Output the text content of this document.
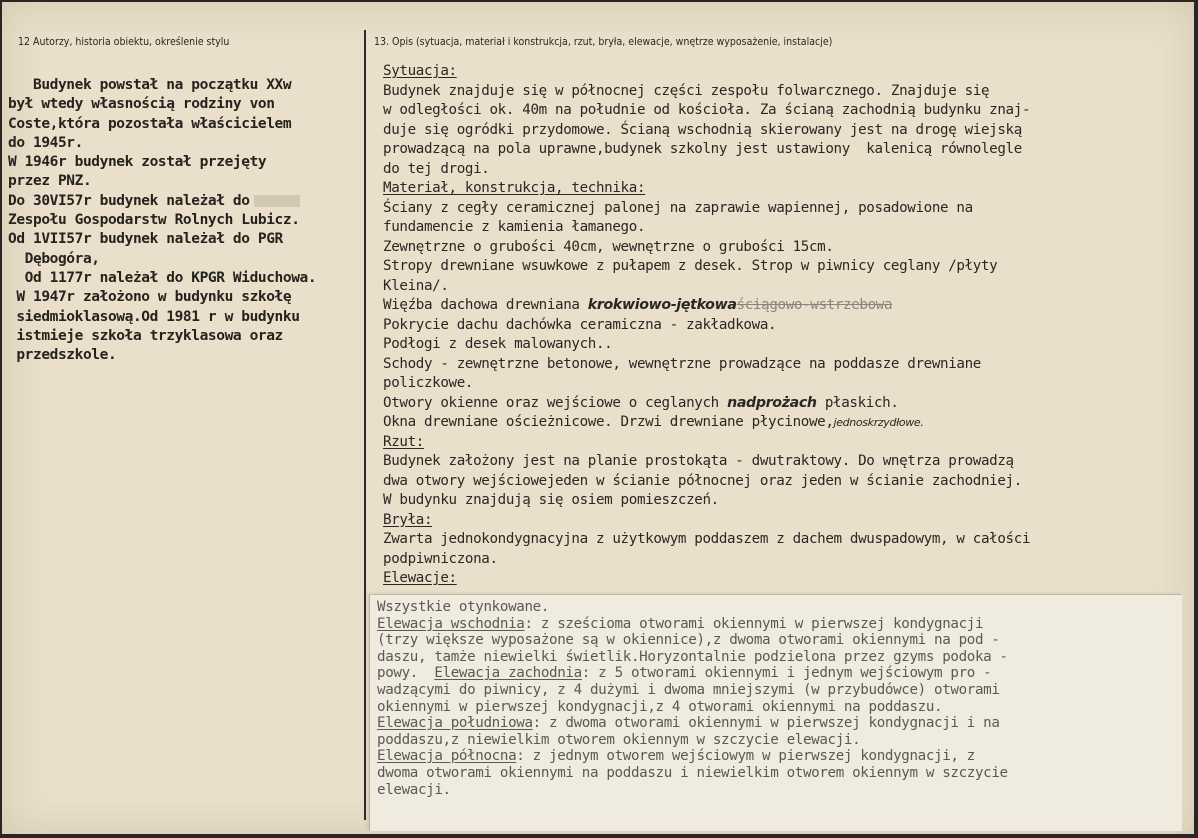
12 Autorzy, historia obiektu, określenie stylu	13. Opis (sytuacja, materiał i konstrukcja, rzut, bryła, elewacje, wnętrze wyposażenie, instalacje)
Budynek powstał na początku XXw
był wtedy własnością rodziny von
Coste,która pozostała właścicielem
do 1945r.
W 1946r budynek został przejęty
przez PNZ.
Do 30VI57r budynek należał do
Zespołu Gospodarstw Rolnych Lubicz.
Od 1VII57r budynek należał do PGR
Dębogóra,
Od 1177r należał do KPGR Widuchowa.
W 1947r założono w budynku szkołę
siedmioklasową.Od 1981 r w budynku
istmieje szkoła trzyklasowa oraz
przedszkole.
Sytuacja:
Budynek znajduje się w północnej części zespołu folwarcznego. Znajduje się
w odległości ok. 40m na południe od kościoła. Za ścianą zachodnią budynku znaj-
duje się ogródki przydomowe. Ścianą wschodnią skierowany jest na drogę wiejską
prowadzącą na pola uprawne,budynek szkolny jest ustawiony  kalenicą równolegle
do tej drogi.
Materiał, konstrukcja, technika:
Ściany z cegły ceramicznej palonej na zaprawie wapiennej, posadowione na
fundamencie z kamienia łamanego.
Zewnętrzne o grubości 40cm, wewnętrzne o grubości 15cm.
Stropy drewniane wsuwkowe z pułapem z desek. Strop w piwnicy ceglany /płyty
Kleina/.
Więźba dachowa drewniana krokwiowo-jętkowaściągowo-wstrzebowa
Pokrycie dachu dachówka ceramiczna - zakładkowa.
Podłogi z desek malowanych..
Schody - zewnętrzne betonowe, wewnętrzne prowadzące na poddasze drewniane
policzkowe.
Otwory okienne oraz wejściowe o ceglanych nadprożach płaskich.
Okna drewniane ościeżnicowe. Drzwi drewniane płycinowe,jednoskrzydłowe.
Rzut:
Budynek założony jest na planie prostokąta - dwutraktowy. Do wnętrza prowadzą
dwa otwory wejściowejeden w ścianie północnej oraz jeden w ścianie zachodniej.
W budynku znajdują się osiem pomieszczeń.
Bryła:
Zwarta jednokondygnacyjna z użytkowym poddaszem z dachem dwuspadowym, w całości
podpiwniczona.
Elewacje:
Wszystkie otynkowane.
Elewacja wschodnia: z sześcioma otworami okiennymi w pierwszej kondygnacji
(trzy większe wyposażone są w okiennice),z dwoma otworami okiennymi na pod -
daszu, tamże niewielki świetlik.Horyzontalnie podzielona przez gzyms podoka -
powy.  Elewacja zachodnia: z 5 otworami okiennymi i jednym wejściowym pro -
wadzącymi do piwnicy, z 4 dużymi i dwoma mniejszymi (w przybudówce) otworami
okiennymi w pierwszej kondygnacji,z 4 otworami okiennymi na poddaszu.
Elewacja południowa: z dwoma otworami okiennymi w pierwszej kondygnacji i na
poddaszu,z niewielkim otworem okiennym w szczycie elewacji.
Elewacja północna: z jednym otworem wejściowym w pierwszej kondygnacji, z
dwoma otworami okiennymi na poddaszu i niewielkim otworem okiennym w szczycie
elewacji.
